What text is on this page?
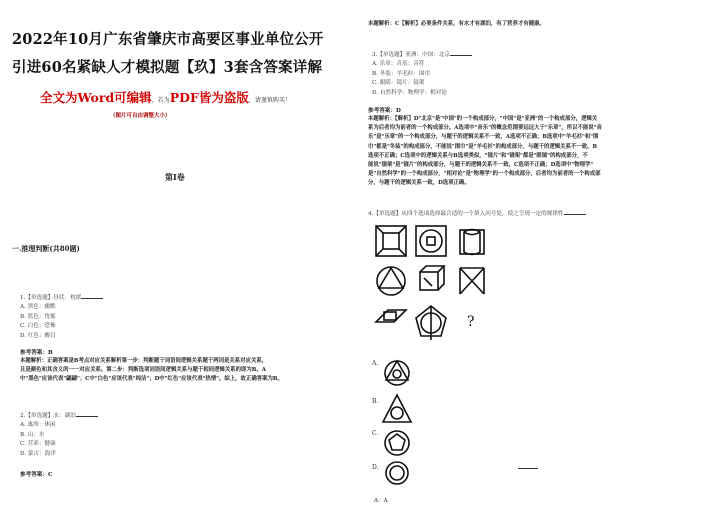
2022年10月广东省肇庆市高要区事业单位公开
引进60名紧缺人才模拟题【玖】3套含答案详解
全文为Word可编辑，若为PDF皆为盗版，请谨慎购买！
（图片可自由调整大小）
第I卷
一.推理判断(共80题)
1.【单选题】昼伏：枕席
A. 黑色：幽默
B. 蓝色：忧郁
C. 白色：恐怖
D. 红色：醒目
参考答案：B
本题解析：正确答案是B考点对应关系解析第一步：判断题干词语间逻辑关系题干两词是关系对应关系，
且是颜色和其含义的一一对应关系。第二步：判断选项词语间逻辑关系与题干相同逻辑关系的即为B。A
中"黑色"应该代表"翩翩"；C中"白色"应该代表"纯洁"；D中"红色"应该代表"热情"。综上，故正确答案为B。
2.【单选题】水：湖泊
A. 寓所：休闲
B. 山：水
C. 营养：健康
D. 蒙古：海洋
参考答案：C
本题解析：C【解析】必要条件关系，有水才有湖泊，有了营养才有健康。
3.【单选题】亚洲：中国：北京
A. 乐章：音乐：音符
B. 冬装：羊毛衫：围巾
C. 眼睛：镜片：镜架
D. 自然科学：物理学：相对论
参考答案：D
本题解析：【解析】D"北京"是"中国"的一个构成部分，"中国"是"亚洲"的一个构成部分，逻辑关
系为后者均为前者的一个构成部分。A选项中"音乐"的概念范围要远远大于"乐章"，所以不能说"音
乐"是"乐章"的一个构成部分，与题干的逻辑关系不一致，A选项不正确；B选项中"羊毛衫"和"围
巾"都是"冬装"的构成部分，不能说"围巾"是"羊毛衫"的构成部分，与题干的逻辑关系不一致，B
选项不正确；C选项中的逻辑关系与B选项类似，"镜片"和"镜架"都是"眼镜"的构成部分，不
能说"镜架"是"镜片"的构成部分，与题干的逻辑关系不一致，C选项不正确；D选项中"物理学"
是"自然科学"的一个构成部分，"相对论"是"物理学"的一个构成部分，后者均为前者的一个构成部
分，与题干的逻辑关系一致，D选项正确。
4.【单选题】从四个选项选择最合适的一个填入问号处，使之呈现一定的规律性
?
A.
B.
C.
D.
A：A
